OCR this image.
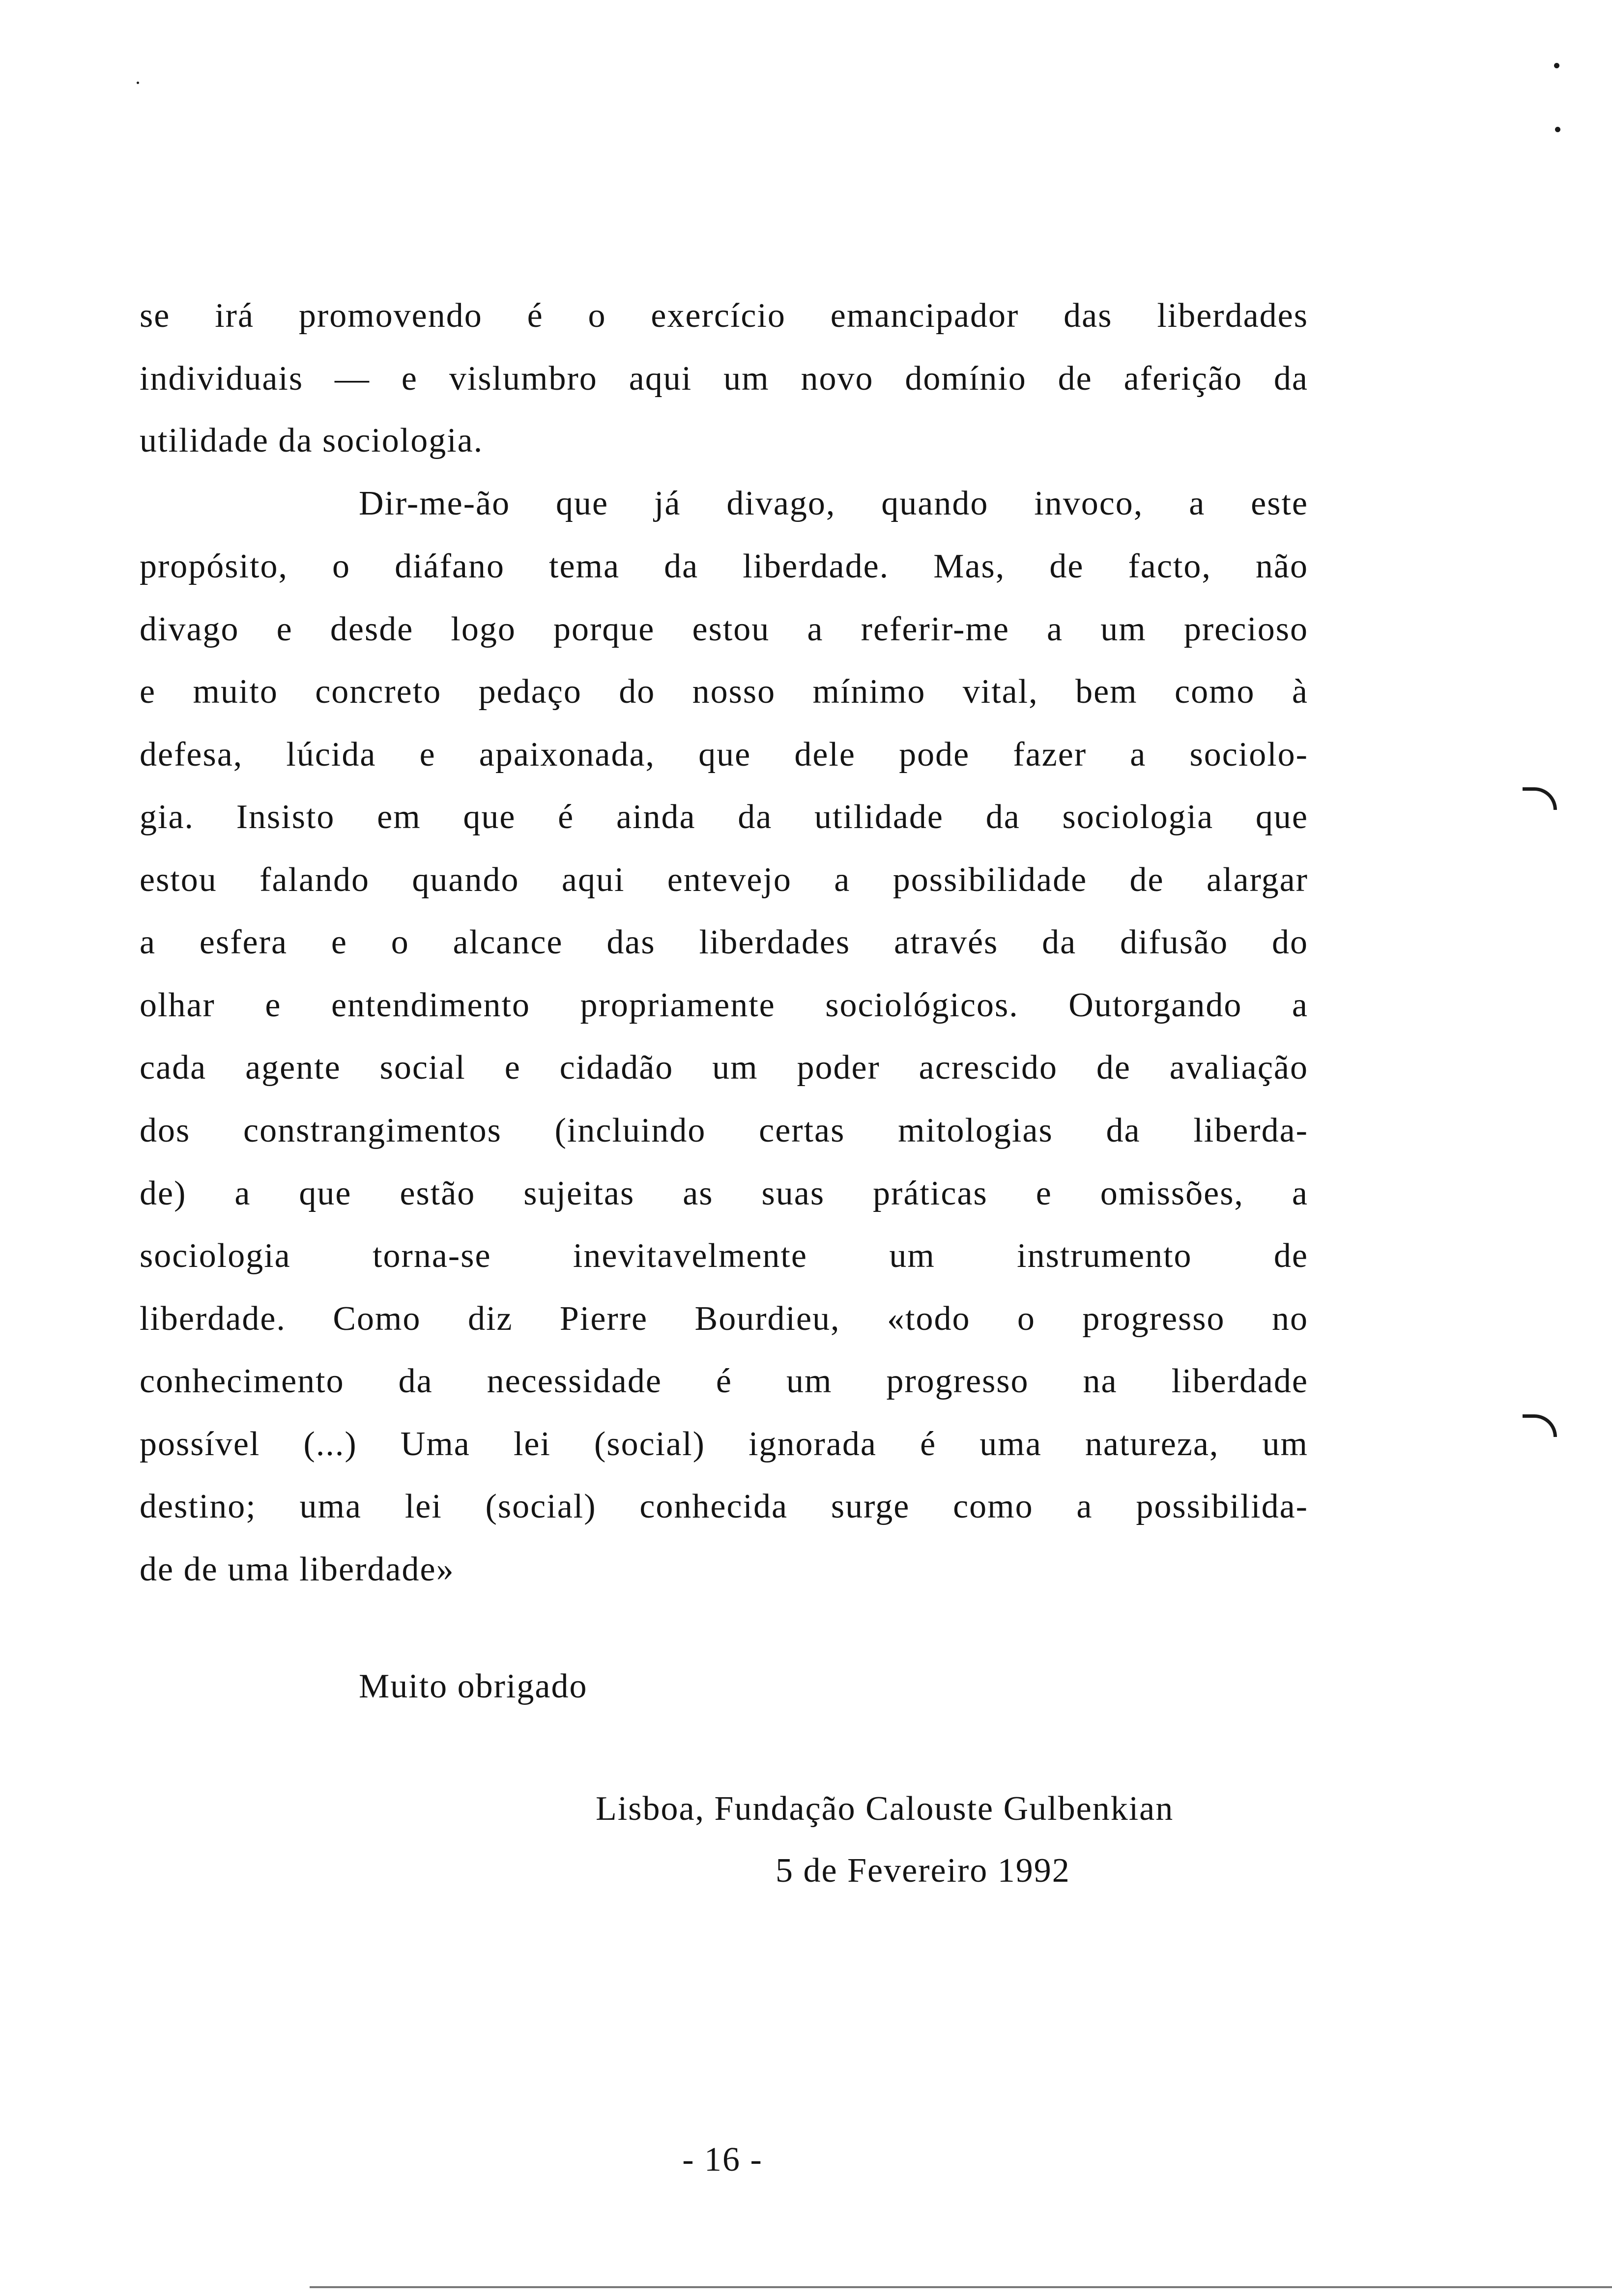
se irá promovendo é o exercício emancipador das liberdades
individuais — e vislumbro aqui um novo domínio de aferição da
utilidade da sociologia.
Dir-me-ão que já divago, quando invoco, a este
propósito, o diáfano tema da liberdade. Mas, de facto, não
divago e desde logo porque estou a referir-me a um precioso
e muito concreto pedaço do nosso mínimo vital, bem como à
defesa, lúcida e apaixonada, que dele pode fazer a sociolo-
gia. Insisto em que é ainda da utilidade da sociologia que
estou falando quando aqui entevejo a possibilidade de alargar
a esfera e o alcance das liberdades através da difusão do
olhar e entendimento propriamente sociológicos. Outorgando a
cada agente social e cidadão um poder acrescido de avaliação
dos constrangimentos (incluindo certas mitologias da liberda-
de) a que estão sujeitas as suas práticas e omissões, a
sociologia torna-se inevitavelmente um instrumento de
liberdade. Como diz Pierre Bourdieu, «todo o progresso no
conhecimento da necessidade é um progresso na liberdade
possível (...) Uma lei (social) ignorada é uma natureza, um
destino; uma lei (social) conhecida surge como a possibilida-
de de uma liberdade»
Muito obrigado
Lisboa, Fundação Calouste Gulbenkian
5 de Fevereiro 1992
- 16 -
